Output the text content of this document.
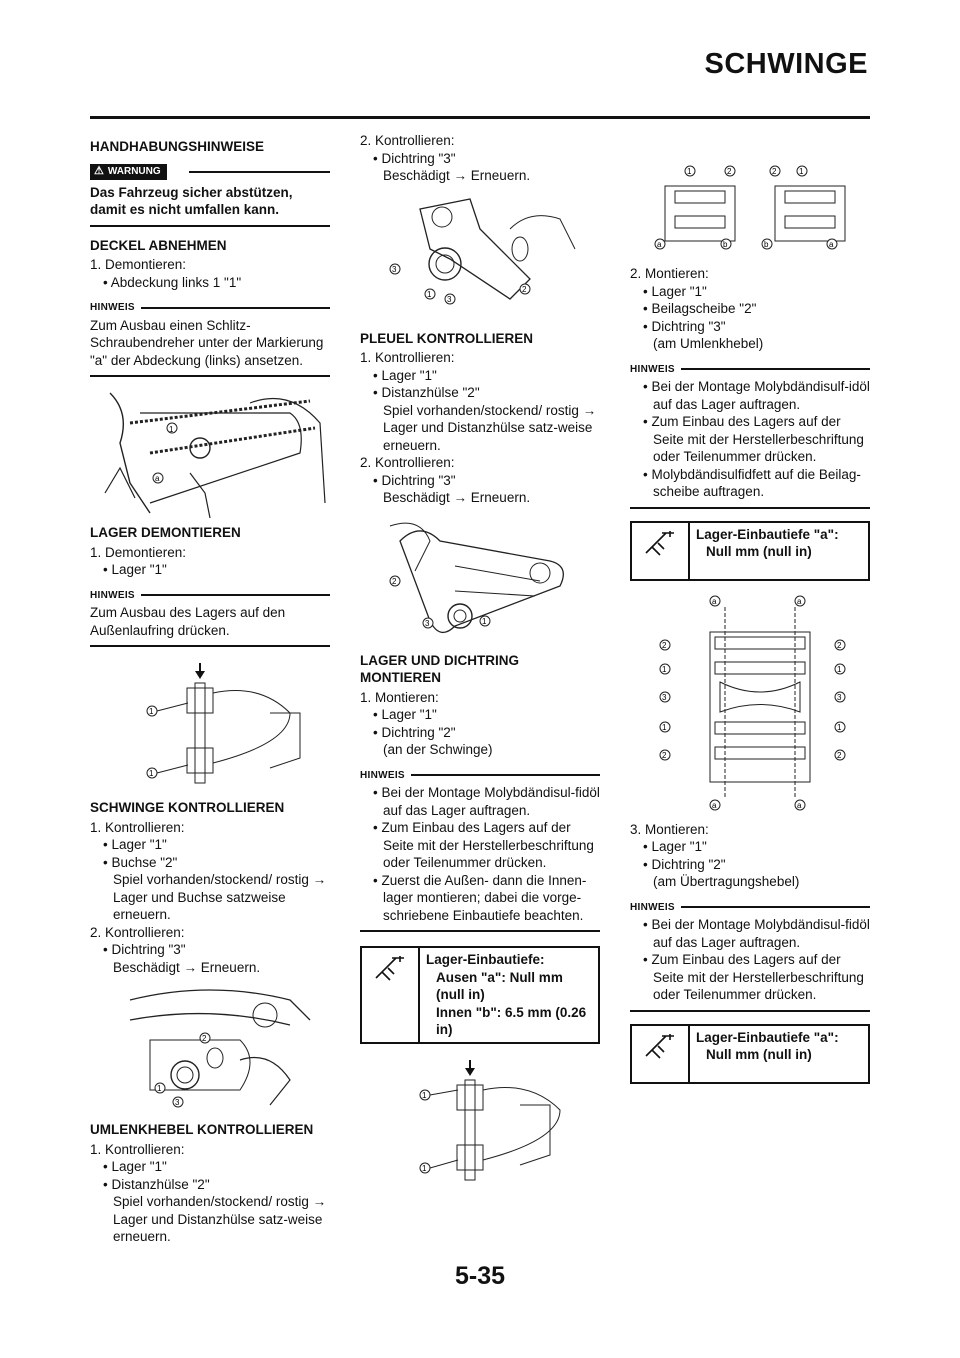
SCHWINGE
HANDHABUNGSHINWEISE
⚠ WARNUNG
Das Fahrzeug sicher abstützen, damit es nicht umfallen kann.
DECKEL ABNEHMEN

1. Demontieren:

• Abdeckung links 1 "1"

HINWEIS

Zum Ausbau einen Schlitz-Schraubendreher unter der Markierung "a" der Abdeckung (links) ansetzen.

1
a
LAGER DEMONTIEREN

1. Demontieren:

• Lager "1"

HINWEIS

Zum Ausbau des Lagers auf den Außenlaufring drücken.

1
1
SCHWINGE KONTROLLIEREN

1. Kontrollieren:

• Lager "1"

• Buchse "2"

Spiel vorhanden/stockend/ rostig → Lager und Buchse satzweise erneuern.

2. Kontrollieren:

• Dichtring "3"

Beschädigt → Erneuern.

2
1
3
UMLENKHEBEL KONTROLLIEREN

1. Kontrollieren:

• Lager "1"

• Distanzhülse "2"

Spiel vorhanden/stockend/ rostig → Lager und Distanzhülse satz-weise erneuern.

2. Kontrollieren:

• Dichtring "3"

Beschädigt → Erneuern.

3
1
3
2
PLEUEL KONTROLLIEREN

1. Kontrollieren:

• Lager "1"

• Distanzhülse "2"

Spiel vorhanden/stockend/ rostig → Lager und Distanzhülse satz-weise erneuern.

2. Kontrollieren:

• Dichtring "3"

Beschädigt → Erneuern.

2
3	1
LAGER UND DICHTRING MONTIEREN

1. Montieren:

• Lager "1"

• Dichtring "2"

(an der Schwinge)

HINWEIS

• Bei der Montage Molybdändisul-fidöl auf das Lager auftragen.

• Zum Einbau des Lagers auf der Seite mit der Herstellerbeschriftung oder Teilenummer drücken.

• Zuerst die Außen- dann die Innen-lager montieren; dabei die vorge-schriebene Einbautiefe beachten.

Lager-Einbautiefe:
Ausen "a": Null mm (null in)
Innen "b": 6.5 mm (0.26 in)
1
1
1	2	2	1
a	b	b	a

2. Montieren:

• Lager "1"

• Beilagscheibe "2"

• Dichtring "3"

(am Umlenkhebel)

HINWEIS

• Bei der Montage Molybdändisulf-idöl auf das Lager auftragen.

• Zum Einbau des Lagers auf der Seite mit der Herstellerbeschriftung oder Teilenummer drücken.

• Molybdändisulfidfett auf die Beilag-scheibe auftragen.

Lager-Einbautiefe "a":
Null mm (null in)
a	a
2
1
3
1
2
2
1
3
1
2
a	a

3. Montieren:

• Lager "1"

• Dichtring "2"

(am Übertragungshebel)

HINWEIS

• Bei der Montage Molybdändisul-fidöl auf das Lager auftragen.

• Zum Einbau des Lagers auf der Seite mit der Herstellerbeschriftung oder Teilenummer drücken.

Lager-Einbautiefe "a":
Null mm (null in)
5-35
